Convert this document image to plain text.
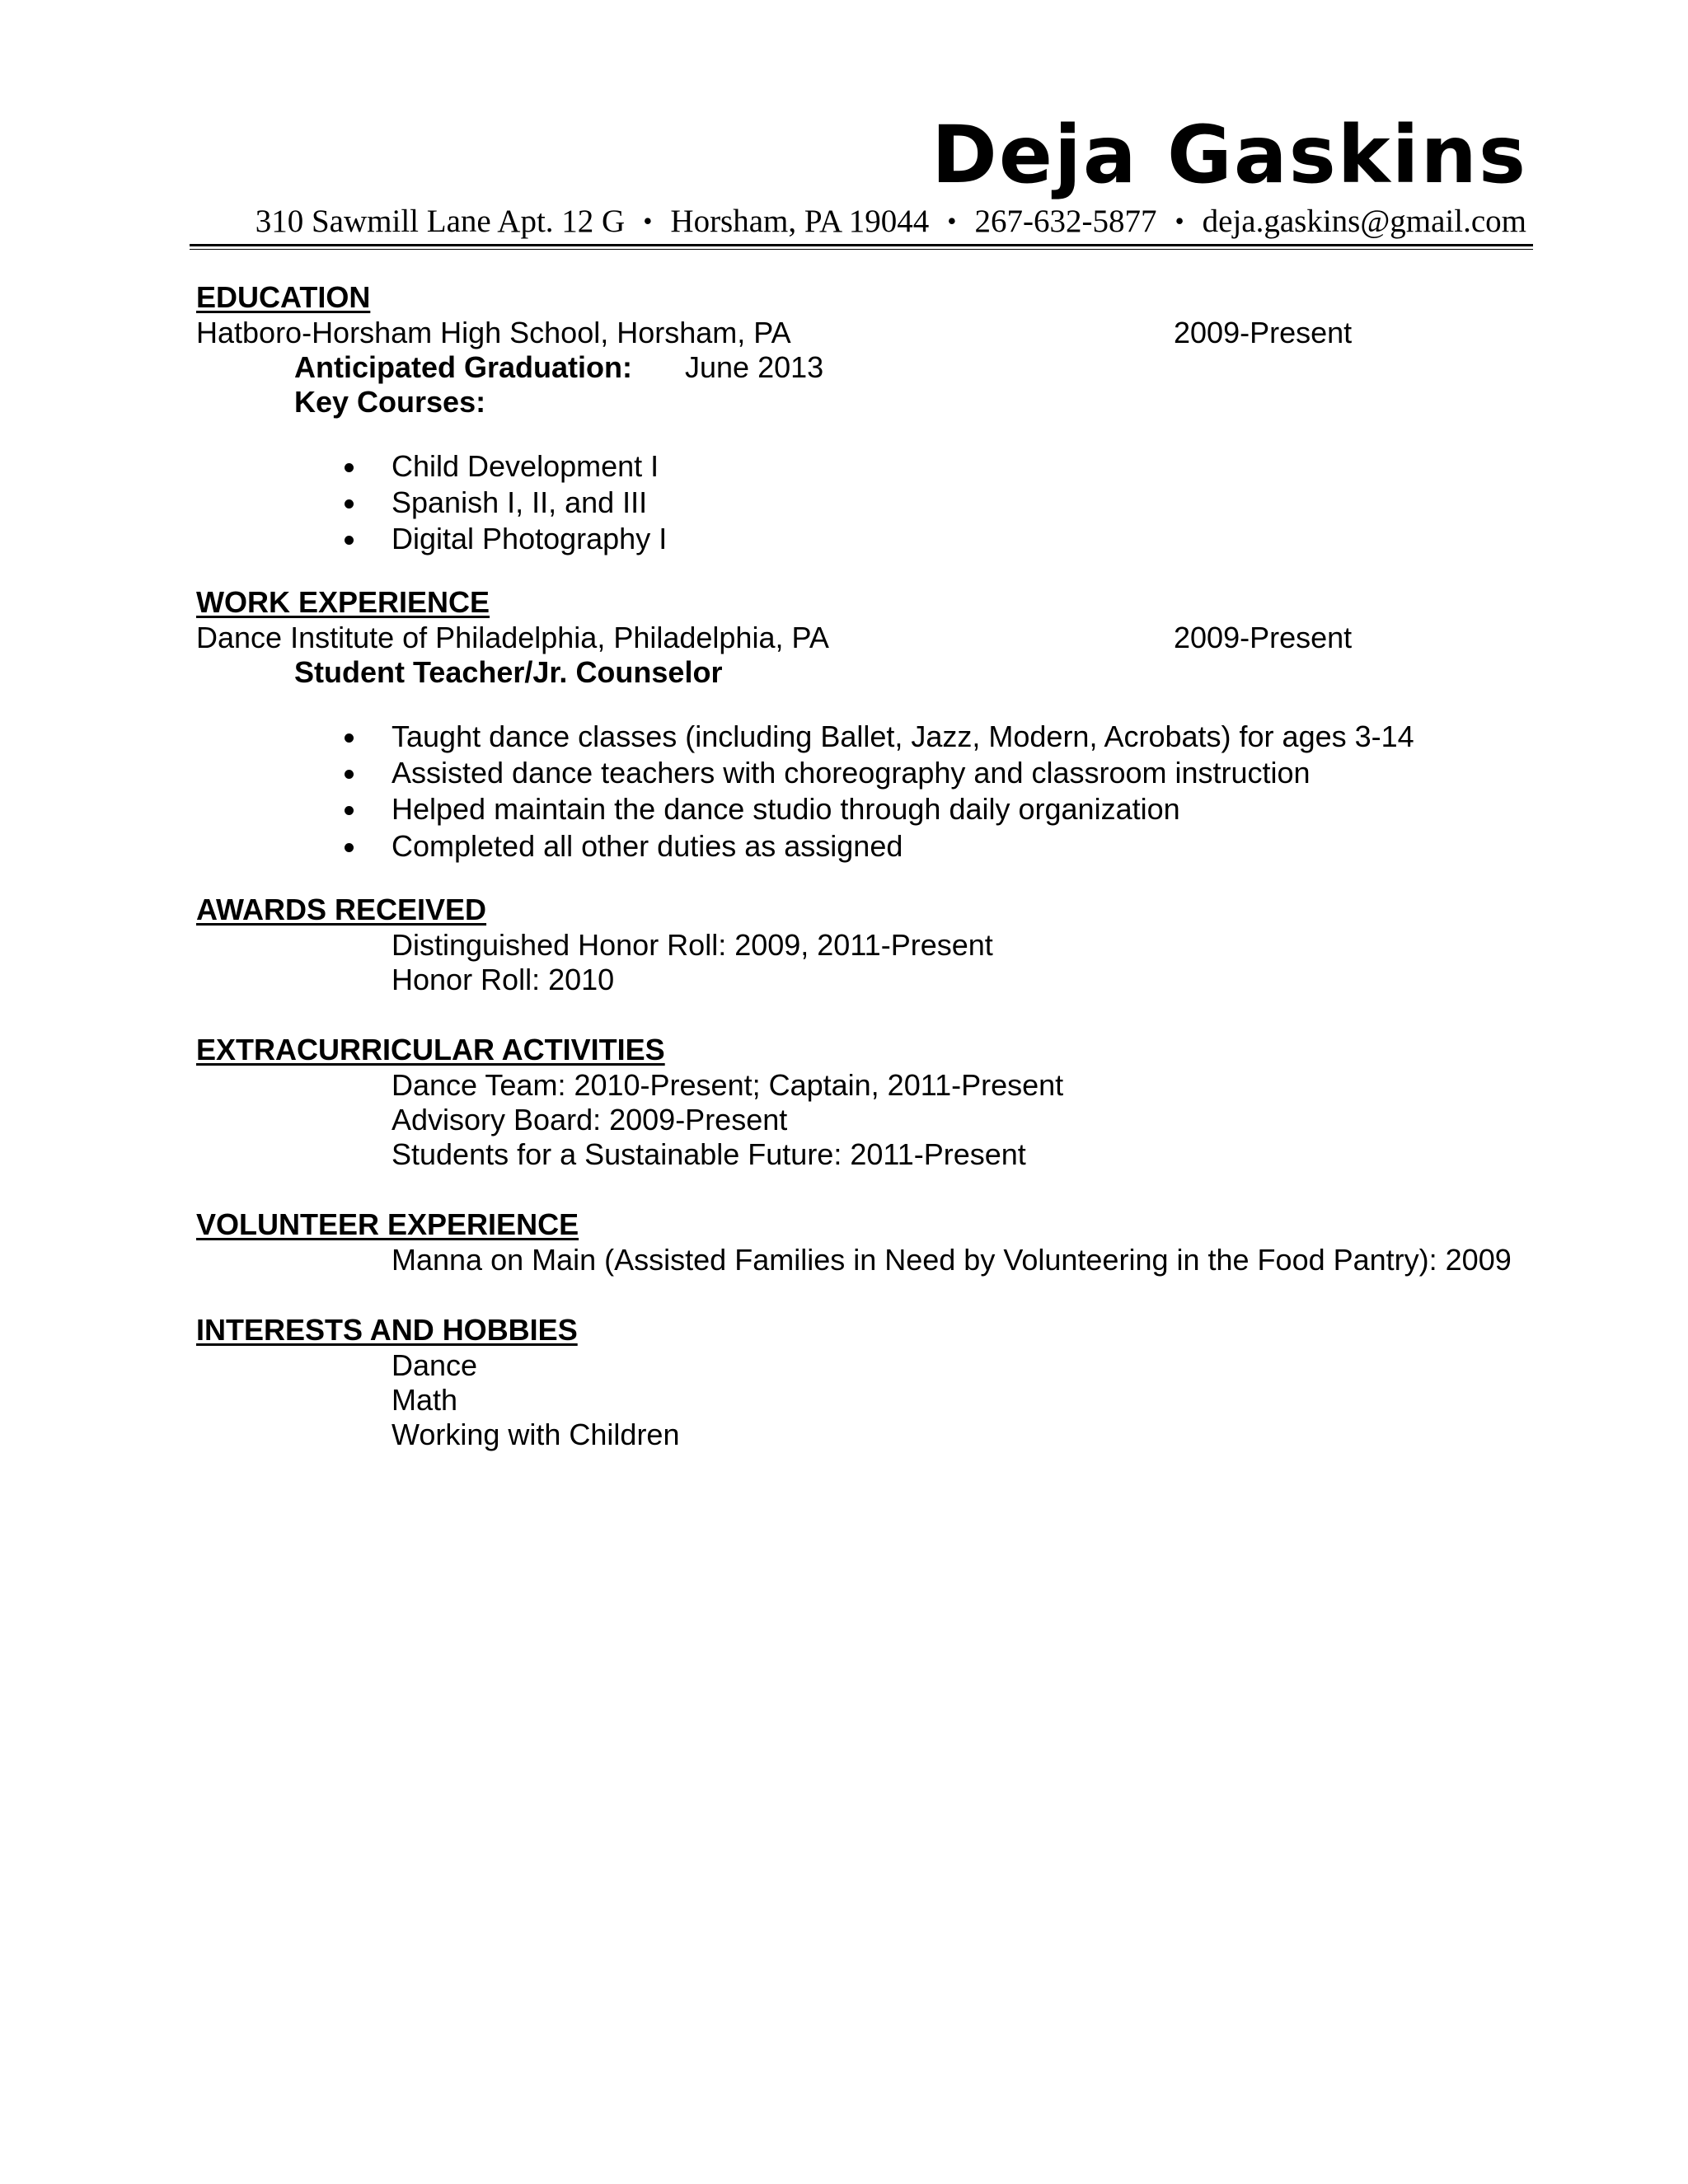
Deja Gaskins
310 Sawmill Lane Apt. 12 G • Horsham, PA 19044 • 267-632-5877 • deja.gaskins@gmail.com
EDUCATION
Hatboro-Horsham High School, Horsham, PA	2009-Present
Anticipated Graduation: June 2013
Key Courses:
Child Development I
Spanish I, II, and III
Digital Photography I
WORK EXPERIENCE
Dance Institute of Philadelphia, Philadelphia, PA	2009-Present
Student Teacher/Jr. Counselor
Taught dance classes (including Ballet, Jazz, Modern, Acrobats) for ages 3-14
Assisted dance teachers with choreography and classroom instruction
Helped maintain the dance studio through daily organization
Completed all other duties as assigned
AWARDS RECEIVED
Distinguished Honor Roll: 2009, 2011-Present
Honor Roll: 2010
EXTRACURRICULAR ACTIVITIES
Dance Team: 2010-Present; Captain, 2011-Present
Advisory Board: 2009-Present
Students for a Sustainable Future: 2011-Present
VOLUNTEER EXPERIENCE
Manna on Main (Assisted Families in Need by Volunteering in the Food Pantry): 2009
INTERESTS AND HOBBIES
Dance
Math
Working with Children
